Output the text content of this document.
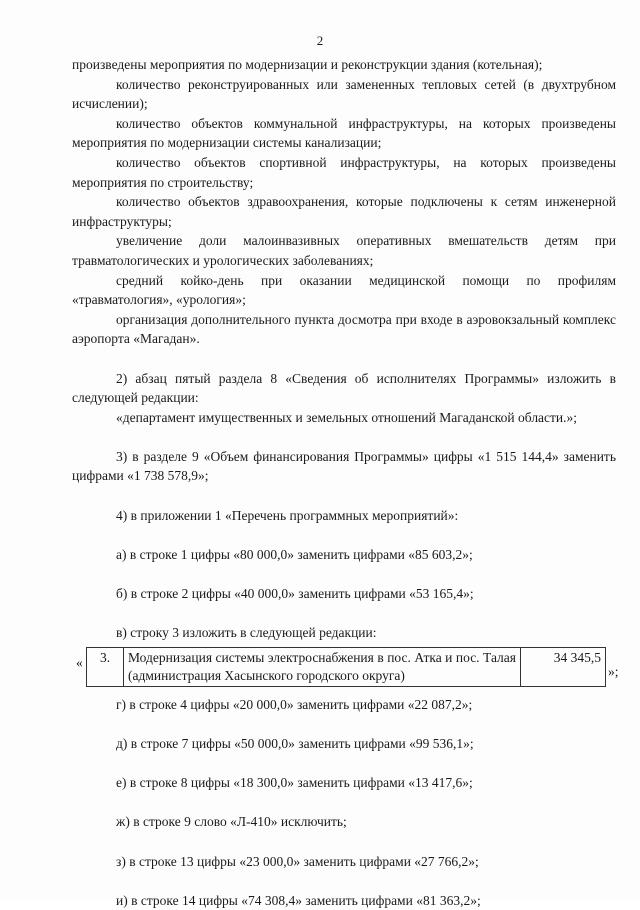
2

произведены мероприятия по модернизации и реконструкции здания (котельная);

количество реконструированных или замененных тепловых сетей (в двухтрубном исчислении);

количество объектов коммунальной инфраструктуры, на которых произведены мероприятия по модернизации системы канализации;

количество объектов спортивной инфраструктуры, на которых произведены мероприятия по строительству;

количество объектов здравоохранения, которые подключены к сетям инженерной инфраструктуры;

увеличение доли малоинвазивных оперативных вмешательств детям при травматологических и урологических заболеваниях;

средний койко-день при оказании медицинской помощи по профилям «травматология», «урология»;

организация дополнительного пункта досмотра при входе в аэровокзальный комплекс аэропорта «Магадан».

2) абзац пятый раздела 8 «Сведения об исполнителях Программы» изложить в следующей редакции:

«департамент имущественных и земельных отношений Магаданской области.»;

3) в разделе 9 «Объем финансирования Программы» цифры «1 515 144,4» заменить цифрами «1 738 578,9»;

4) в приложении 1 «Перечень программных мероприятий»:

а) в строке 1 цифры «80 000,0» заменить цифрами «85 603,2»;

б) в строке 2 цифры «40 000,0» заменить цифрами «53 165,4»;

в) строку 3 изложить в следующей редакции:

« 3.	Модернизация системы электроснабжения в пос. Атка и пос. Талая (администрация Хасынского городского округа)	34 345,5
»;

г) в строке 4 цифры «20 000,0» заменить цифрами «22 087,2»;

д) в строке 7 цифры «50 000,0» заменить цифрами «99 536,1»;

е) в строке 8 цифры «18 300,0» заменить цифрами «13 417,6»;

ж) в строке 9 слово «Л-410» исключить;

з) в строке 13 цифры «23 000,0» заменить цифрами «27 766,2»;

и) в строке 14 цифры «74 308,4» заменить цифрами «81 363,2»;
